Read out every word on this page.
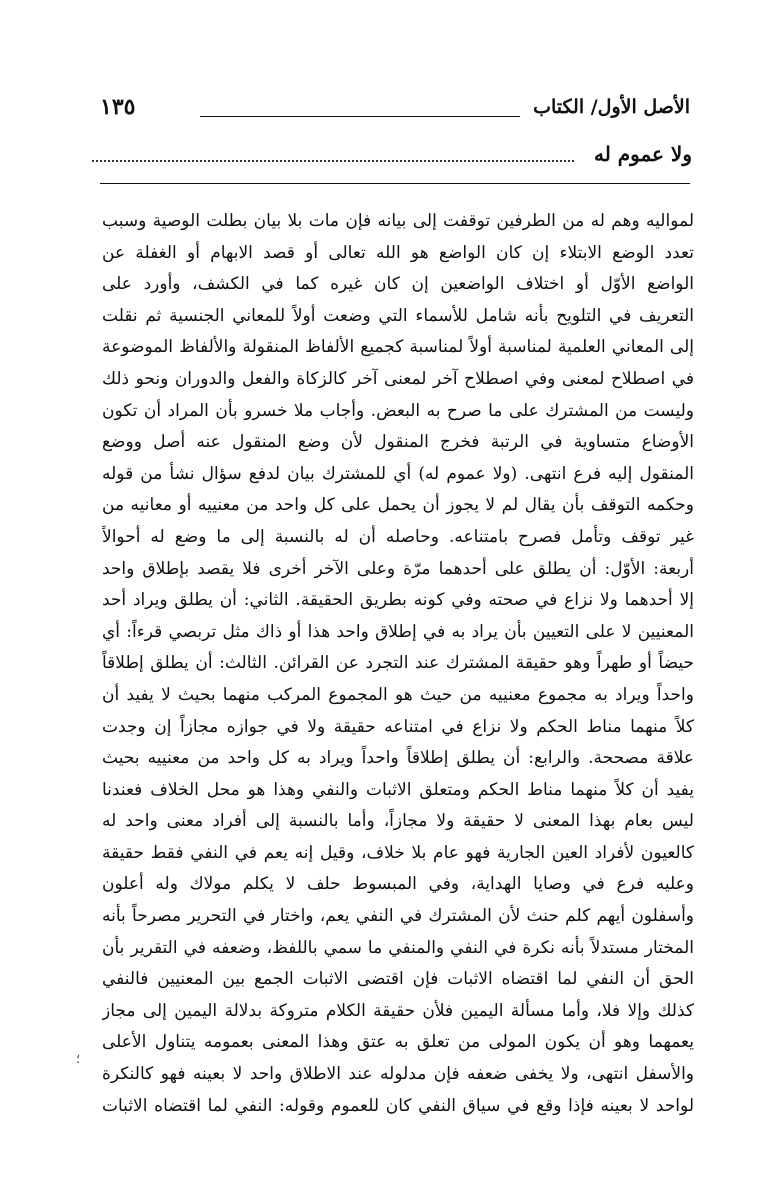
الأصل الأول/ الكتاب
١٣٥
ولا عموم له
لمواليه وهم له من الطرفين توقفت إلى بيانه فإن مات بلا بيان بطلت الوصية وسبب
تعدد الوضع الابتلاء إن كان الواضع هو الله تعالى أو قصد الابهام أو الغفلة عن
الواضع الأوّل أو اختلاف الواضعين إن كان غيره كما في الكشف، وأورد على
التعريف في التلويح بأنه شامل للأسماء التي وضعت أولاً للمعاني الجنسية ثم نقلت
إلى المعاني العلمية لمناسبة أولاً لمناسبة كجميع الألفاظ المنقولة والألفاظ الموضوعة
في اصطلاح لمعنى وفي اصطلاح آخر لمعنى آخر كالزكاة والفعل والدوران ونحو ذلك
وليست من المشترك على ما صرح به البعض. وأجاب ملا خسرو بأن المراد أن تكون
الأوضاع متساوية في الرتبة فخرج المنقول لأن وضع المنقول عنه أصل ووضع
المنقول إليه فرع انتهى. (ولا عموم له) أي للمشترك بيان لدفع سؤال نشأ من قوله
وحكمه التوقف بأن يقال لم لا يجوز أن يحمل على كل واحد من معنييه أو معانيه من
غير توقف وتأمل فصرح بامتناعه. وحاصله أن له بالنسبة إلى ما وضع له أحوالاً
أربعة: الأوّل: أن يطلق على أحدهما مرّة وعلى الآخر أخرى فلا يقصد بإطلاق واحد
إلا أحدهما ولا نزاع في صحته وفي كونه بطريق الحقيقة. الثاني: أن يطلق ويراد أحد
المعنيين لا على التعيين بأن يراد به في إطلاق واحد هذا أو ذاك مثل تربصي قرءاً: أي
حيضاً أو طهراً وهو حقيقة المشترك عند التجرد عن القرائن. الثالث: أن يطلق إطلاقاً
واحداً ويراد به مجموع معنييه من حيث هو المجموع المركب منهما بحيث لا يفيد أن
كلاً منهما مناط الحكم ولا نزاع في امتناعه حقيقة ولا في جوازه مجازاً إن وجدت
علاقة مصححة. والرابع: أن يطلق إطلاقاً واحداً ويراد به كل واحد من معنييه بحيث
يفيد أن كلاً منهما مناط الحكم ومتعلق الاثبات والنفي وهذا هو محل الخلاف فعندنا
ليس بعام بهذا المعنى لا حقيقة ولا مجازاً، وأما بالنسبة إلى أفراد معنى واحد له
كالعيون لأفراد العين الجارية فهو عام بلا خلاف، وقيل إنه يعم في النفي فقط حقيقة
وعليه فرع في وصايا الهداية، وفي المبسوط حلف لا يكلم مولاك وله أعلون
وأسفلون أيهم كلم حنث لأن المشترك في النفي يعم، واختار في التحرير مصرحاً بأنه
المختار مستدلاً بأنه نكرة في النفي والمنفي ما سمي باللفظ، وضعفه في التقرير بأن
الحق أن النفي لما اقتضاه الاثبات فإن اقتضى الاثبات الجمع بين المعنيين فالنفي
كذلك وإلا فلا، وأما مسألة اليمين فلأن حقيقة الكلام متروكة بدلالة اليمين إلى مجاز
يعمهما وهو أن يكون المولى من تعلق به عتق وهذا المعنى بعمومه يتناول الأعلى
والأسفل انتهى، ولا يخفى ضعفه فإن مدلوله عند الاطلاق واحد لا بعينه فهو كالنكرة
لواحد لا بعينه فإذا وقع في سياق النفي كان للعموم وقوله: النفي لما اقتضاه الاثبات
؛
